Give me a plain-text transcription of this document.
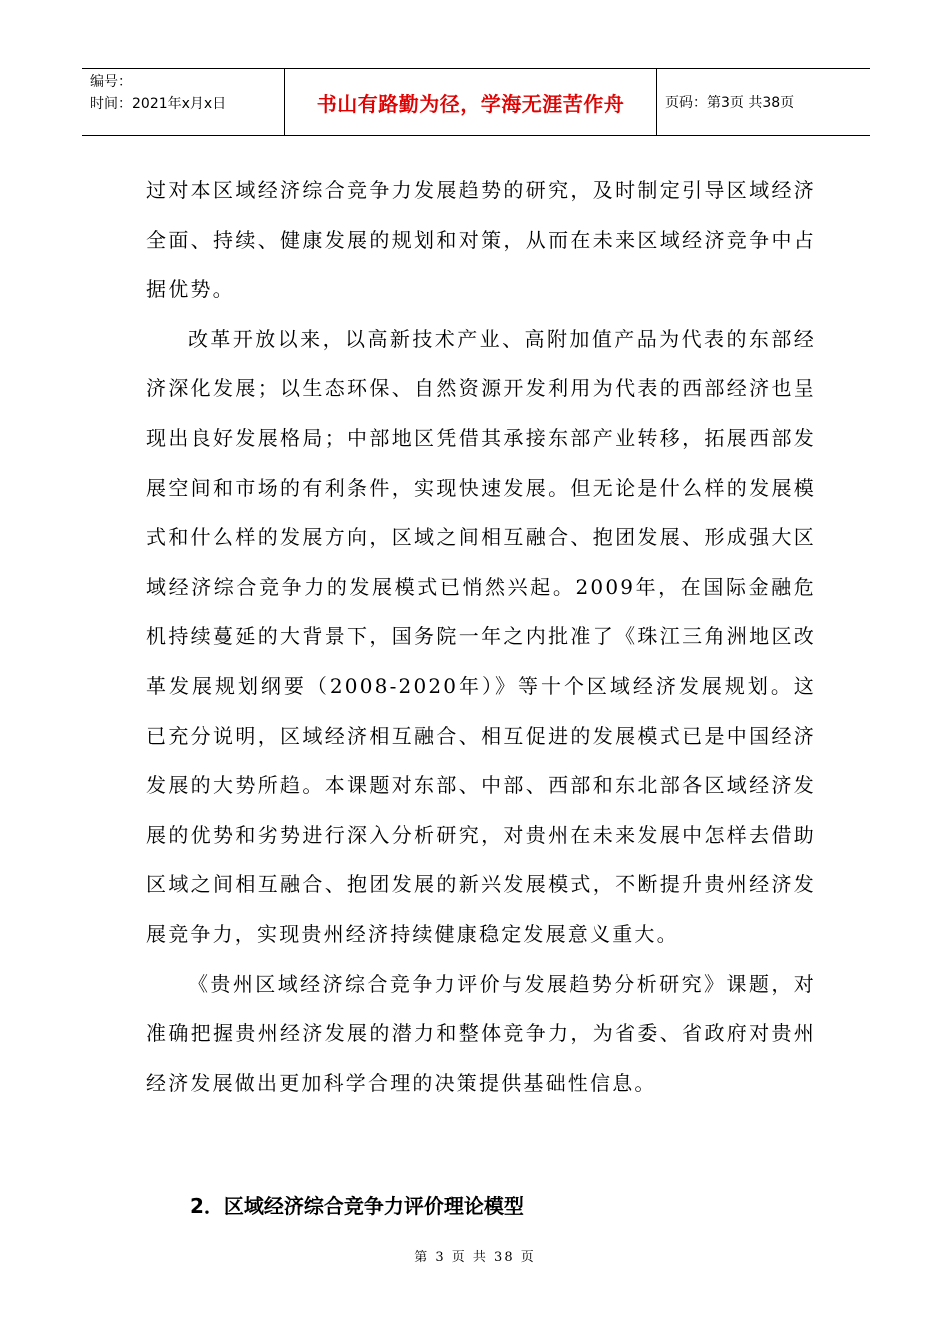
编号：
时间：2021年x月x日	书山有路勤为径，学海无涯苦作舟	页码：第3页 共38页

过对本区域经济综合竞争力发展趋势的研究，及时制定引导区域经济全面、持续、健康发展的规划和对策，从而在未来区域经济竞争中占据优势。

改革开放以来，以高新技术产业、高附加值产品为代表的东部经济深化发展；以生态环保、自然资源开发利用为代表的西部经济也呈现出良好发展格局；中部地区凭借其承接东部产业转移，拓展西部发展空间和市场的有利条件，实现快速发展。但无论是什么样的发展模式和什么样的发展方向，区域之间相互融合、抱团发展、形成强大区域经济综合竞争力的发展模式已悄然兴起。2009年，在国际金融危机持续蔓延的大背景下，国务院一年之内批准了《珠江三角洲地区改革发展规划纲要（2008-2020年）》等十个区域经济发展规划。这已充分说明，区域经济相互融合、相互促进的发展模式已是中国经济发展的大势所趋。本课题对东部、中部、西部和东北部各区域经济发展的优势和劣势进行深入分析研究，对贵州在未来发展中怎样去借助区域之间相互融合、抱团发展的新兴发展模式，不断提升贵州经济发展竞争力，实现贵州经济持续健康稳定发展意义重大。

《贵州区域经济综合竞争力评价与发展趋势分析研究》课题，对准确把握贵州经济发展的潜力和整体竞争力，为省委、省政府对贵州经济发展做出更加科学合理的决策提供基础性信息。

2．区域经济综合竞争力评价理论模型
第 3 页 共 38 页
